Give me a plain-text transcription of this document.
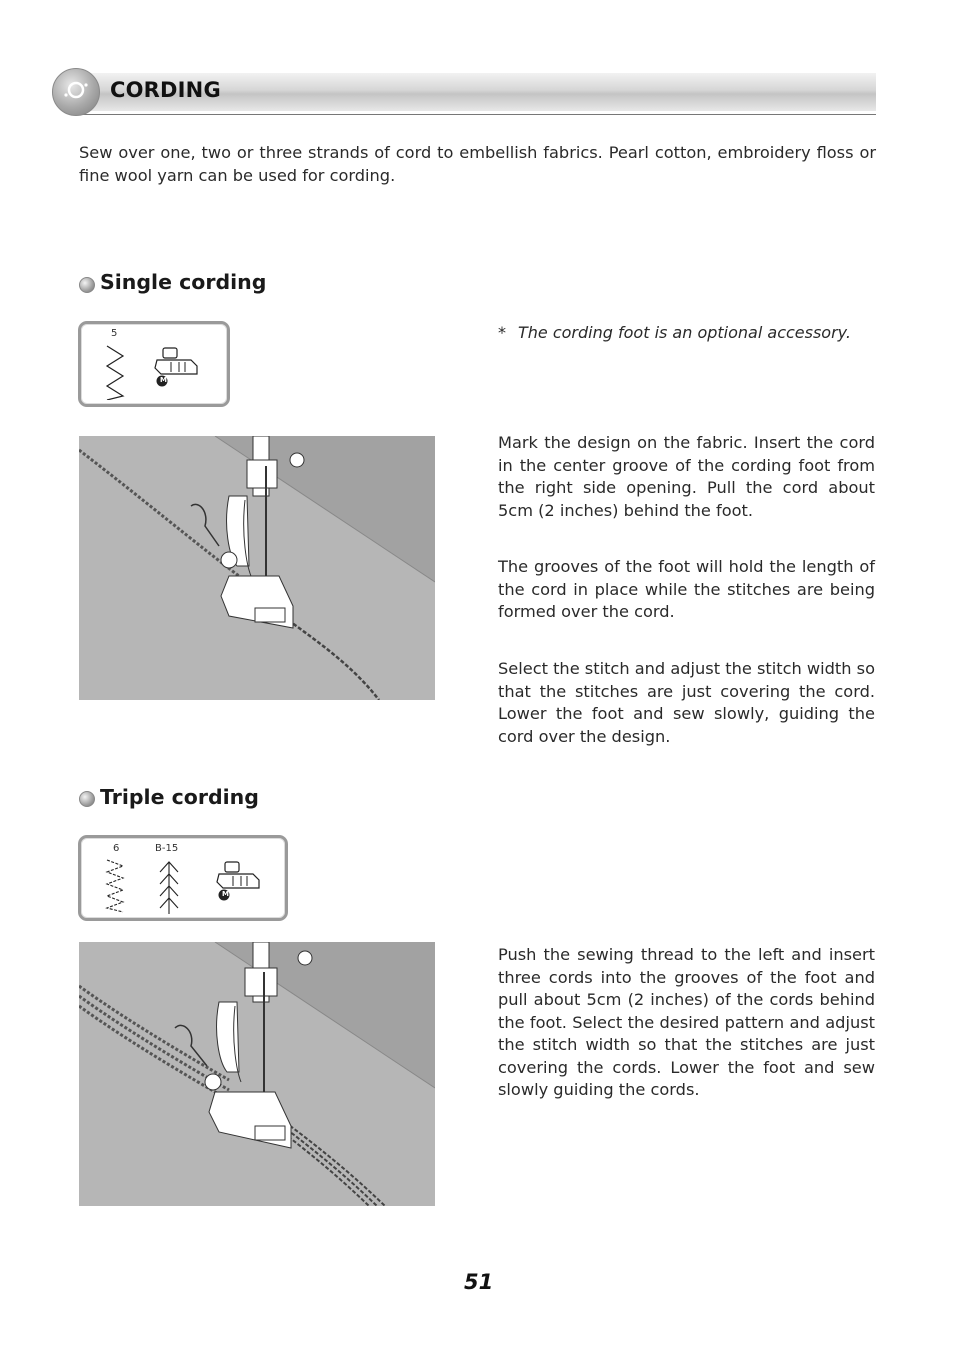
CORDING

Sew over one, two or three strands of cord to embellish fabrics. Pearl cotton, embroidery floss or fine wool yarn can be used for cording.

Single cording
5
M
* The cording foot is an optional accessory.

Mark the design on the fabric. Insert the cord in the center groove of the cording foot from the right side opening. Pull the cord about 5cm (2 inches) behind the foot.

The grooves of the foot will hold the length of the cord in place while the stitches are being formed over the cord.

Select the stitch and adjust the stitch width so that the stitches are just covering the cord. Lower the foot and sew slowly, guiding the cord over the design.

Triple cording
6	B-15
M

Push the sewing thread to the left and insert three cords into the grooves of the foot and pull about 5cm (2 inches) of the cords behind the foot. Select the desired pattern and adjust the stitch width so that the stitches are just covering the cords. Lower the foot and sew slowly guiding the cords.

51
